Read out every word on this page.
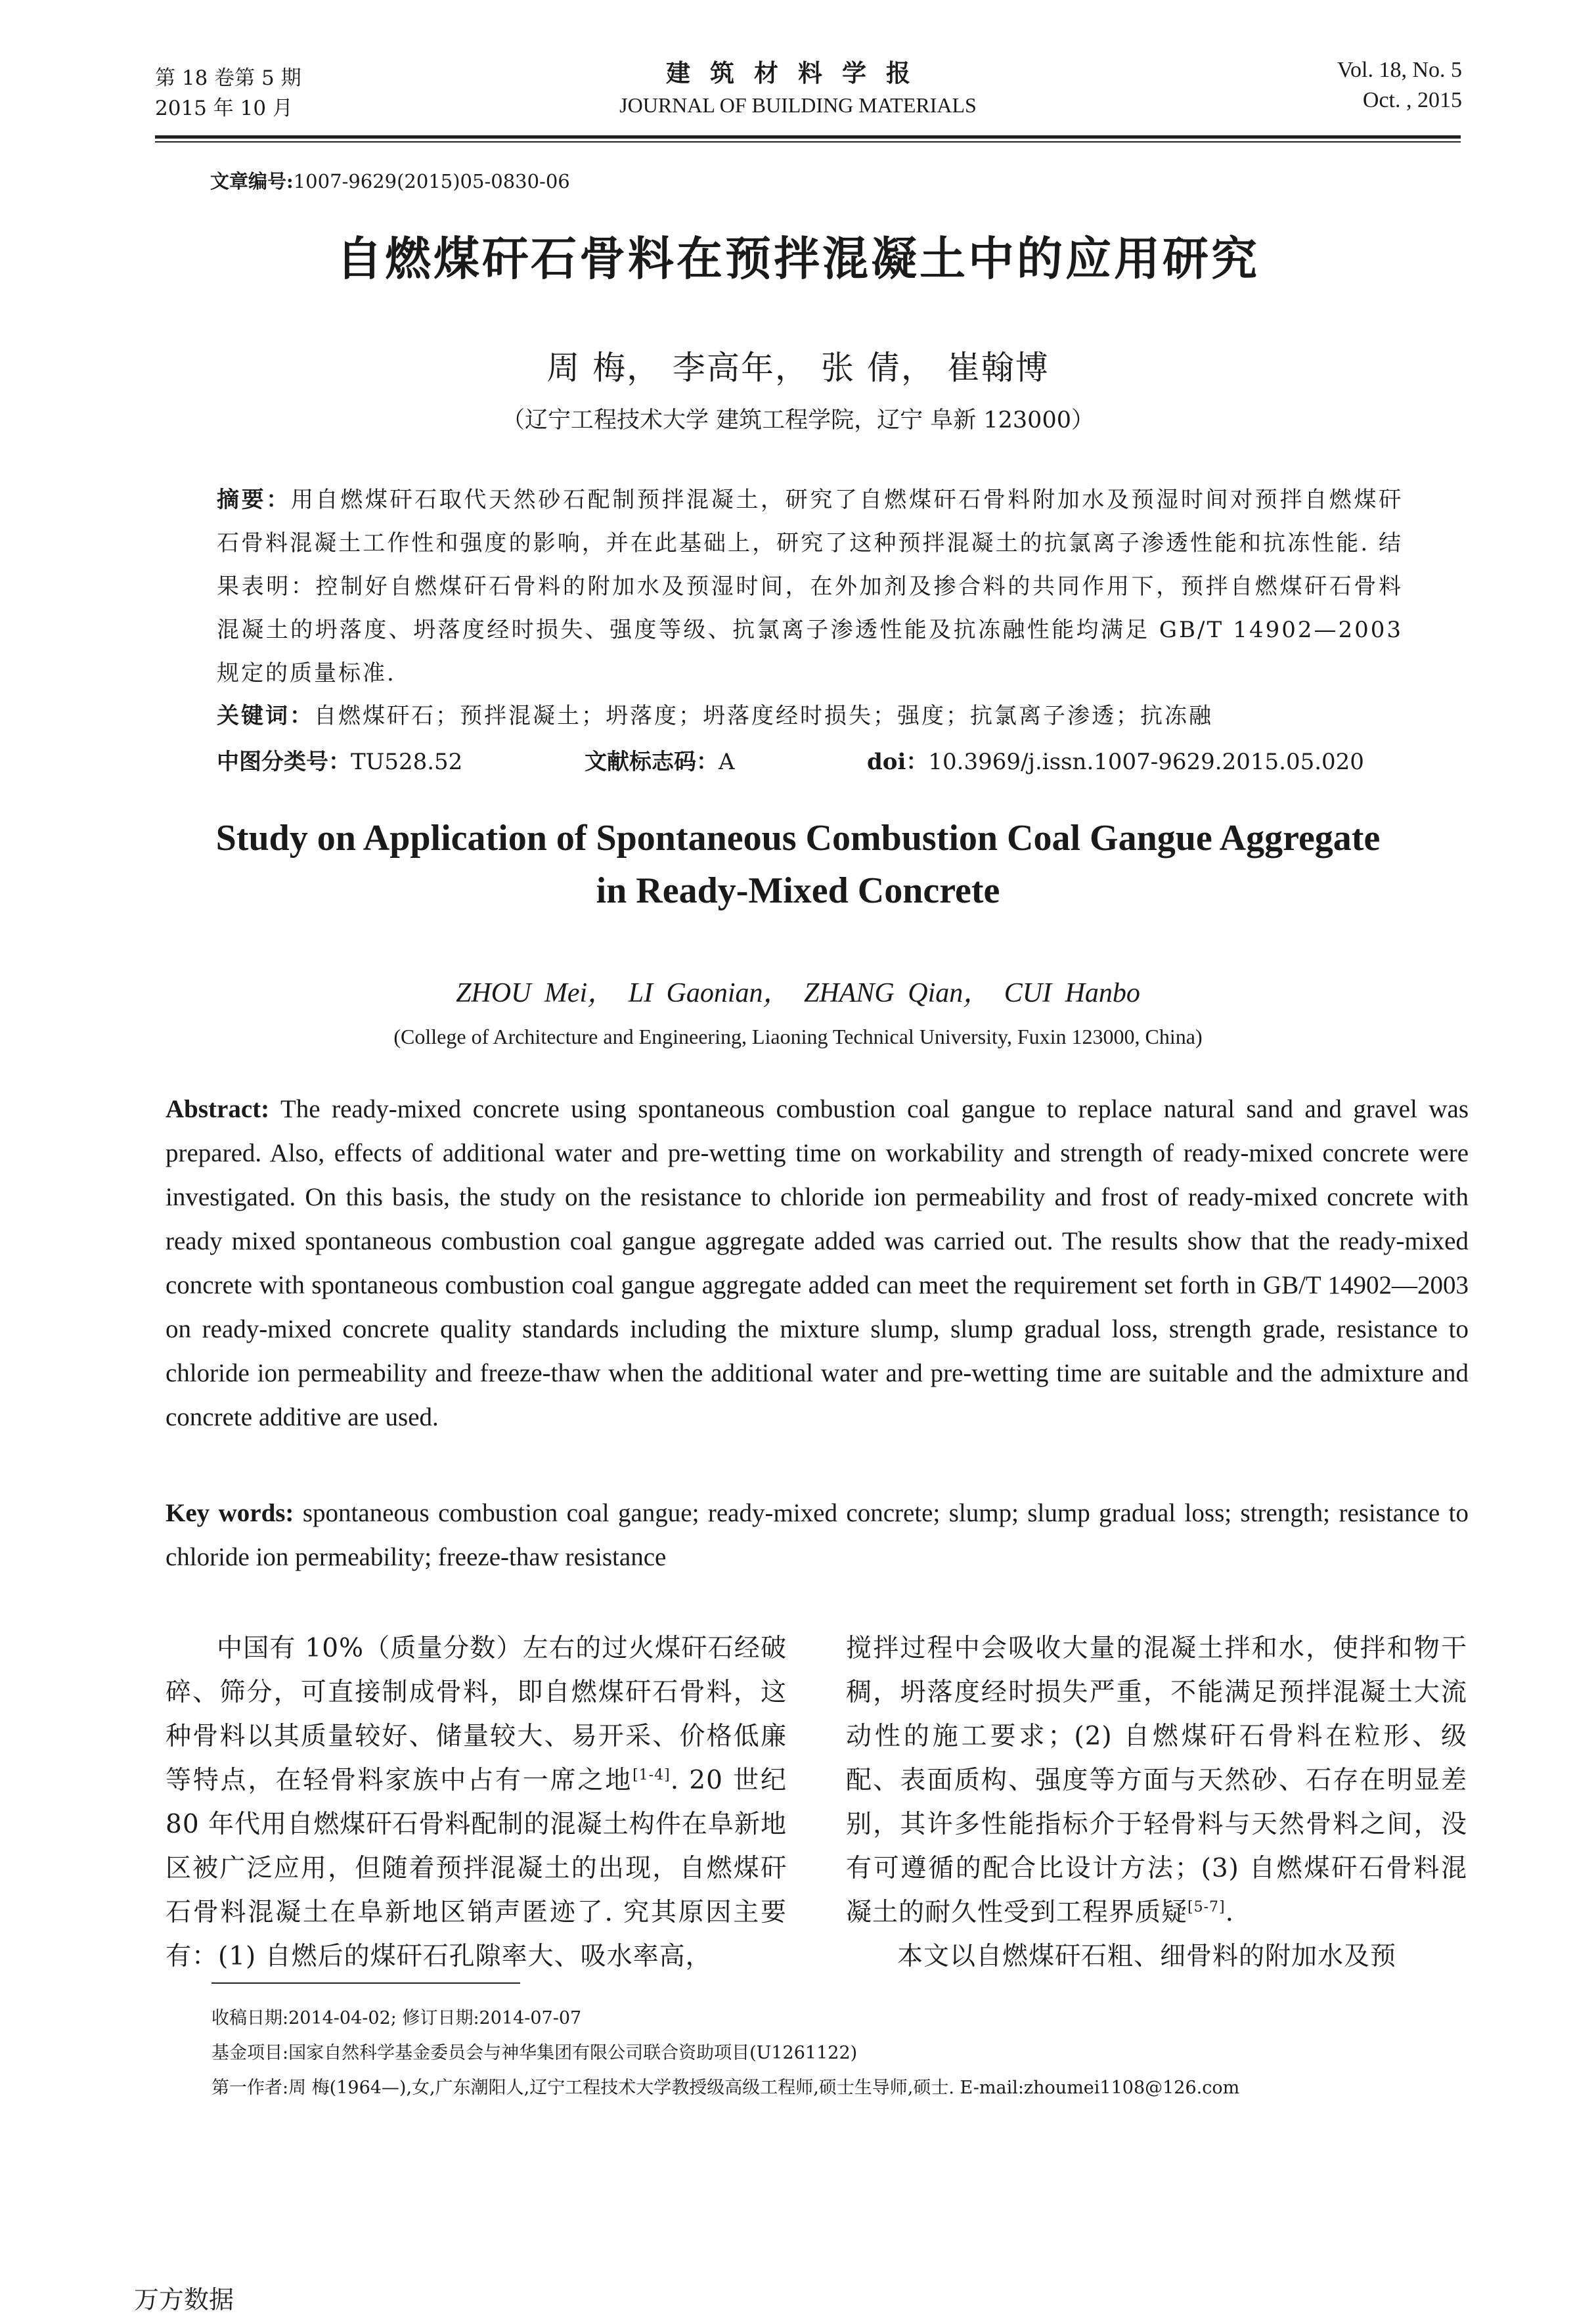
第 18 卷第 5 期
2015 年 10 月
建筑材料学报
JOURNAL OF BUILDING MATERIALS
Vol. 18, No. 5
Oct. , 2015
文章编号:1007-9629(2015)05-0830-06
自燃煤矸石骨料在预拌混凝土中的应用研究
周 梅， 李高年， 张 倩， 崔翰博
（辽宁工程技术大学 建筑工程学院，辽宁 阜新 123000）
摘要：用自燃煤矸石取代天然砂石配制预拌混凝土，研究了自燃煤矸石骨料附加水及预湿时间对预拌自燃煤矸石骨料混凝土工作性和强度的影响，并在此基础上，研究了这种预拌混凝土的抗氯离子渗透性能和抗冻性能. 结果表明：控制好自燃煤矸石骨料的附加水及预湿时间，在外加剂及掺合料的共同作用下，预拌自燃煤矸石骨料混凝土的坍落度、坍落度经时损失、强度等级、抗氯离子渗透性能及抗冻融性能均满足 GB/T 14902—2003 规定的质量标准.
关键词：自燃煤矸石；预拌混凝土；坍落度；坍落度经时损失；强度；抗氯离子渗透；抗冻融
中图分类号：TU528.52	文献标志码：A	doi：10.3969/j.issn.1007-9629.2015.05.020
Study on Application of Spontaneous Combustion Coal Gangue Aggregate
in Ready-Mixed Concrete
ZHOU Mei， LI Gaonian， ZHANG Qian， CUI Hanbo
(College of Architecture and Engineering, Liaoning Technical University, Fuxin 123000, China)
Abstract: The ready-mixed concrete using spontaneous combustion coal gangue to replace natural sand and gravel was prepared. Also, effects of additional water and pre-wetting time on workability and strength of ready-mixed concrete were investigated. On this basis, the study on the resistance to chloride ion permeability and frost of ready-mixed concrete with ready mixed spontaneous combustion coal gangue aggregate added was carried out. The results show that the ready-mixed concrete with spontaneous combustion coal gangue aggregate added can meet the requirement set forth in GB/T 14902—2003 on ready-mixed concrete quality standards including the mixture slump, slump gradual loss, strength grade, resistance to chloride ion permeability and freeze-thaw when the additional water and pre-wetting time are suitable and the admixture and concrete additive are used.
Key words: spontaneous combustion coal gangue; ready-mixed concrete; slump; slump gradual loss; strength; resistance to chloride ion permeability; freeze-thaw resistance
中国有 10%（质量分数）左右的过火煤矸石经破碎、筛分，可直接制成骨料，即自燃煤矸石骨料，这种骨料以其质量较好、储量较大、易开采、价格低廉等特点，在轻骨料家族中占有一席之地[1-4]. 20 世纪 80 年代用自燃煤矸石骨料配制的混凝土构件在阜新地区被广泛应用，但随着预拌混凝土的出现，自燃煤矸石骨料混凝土在阜新地区销声匿迹了. 究其原因主要有：(1) 自燃后的煤矸石孔隙率大、吸水率高，
搅拌过程中会吸收大量的混凝土拌和水，使拌和物干稠，坍落度经时损失严重，不能满足预拌混凝土大流动性的施工要求；(2) 自燃煤矸石骨料在粒形、级配、表面质构、强度等方面与天然砂、石存在明显差别，其许多性能指标介于轻骨料与天然骨料之间，没有可遵循的配合比设计方法；(3) 自燃煤矸石骨料混凝土的耐久性受到工程界质疑[5-7].
本文以自燃煤矸石粗、细骨料的附加水及预
收稿日期:2014-04-02; 修订日期:2014-07-07
基金项目:国家自然科学基金委员会与神华集团有限公司联合资助项目(U1261122)
第一作者:周 梅(1964—),女,广东潮阳人,辽宁工程技术大学教授级高级工程师,硕士生导师,硕士. E-mail:zhoumei1108@126.com
万方数据
